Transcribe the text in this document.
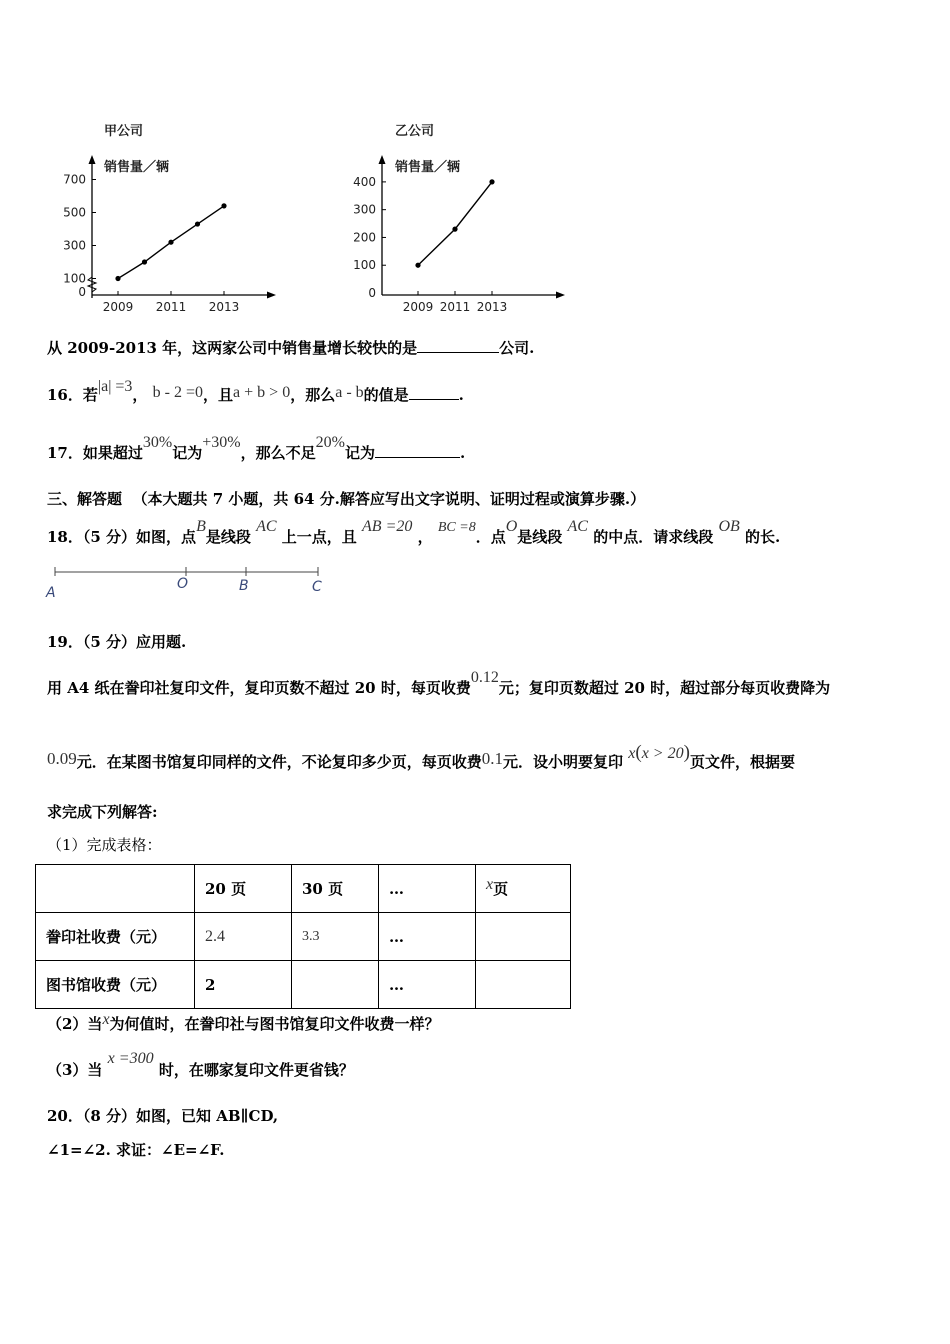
甲公司
销售量／辆
700
500
300
100
0
2009 2011 2013
乙公司
销售量／辆
400
300
200
100
0
2009 2011 2013
从 2009-2013 年，这两家公司中销售量增长较快的是	公司.
16．若|a| =3， b - 2 =0，且a + b > 0，那么a - b的值是	.
17．如果超过30%记为+30%，那么不足20%记为	.
三、解答题 （本大题共 7 小题，共 64 分.解答应写出文字说明、证明过程或演算步骤.）
18．（5 分）如图，点B是线段 AC 上一点，且 AB =20 ， BC =8．点O是线段 AC 的中点．请求线段 OB 的长.
A
O	B	C
19．（5 分）应用题.
用 A4 纸在誊印社复印文件，复印页数不超过 20 时，每页收费0.12元；复印页数超过 20 时，超过部分每页收费降为
0.09元．在某图书馆复印同样的文件，不论复印多少页，每页收费0.1元．设小明要复印 x(x > 20)页文件，根据要
求完成下列解答:
（1）完成表格：
	20 页	30 页	…	x页
誊印社收费（元）	2.4	3.3	…	
图书馆收费（元）	2		…	
（2）当x为何值时，在誊印社与图书馆复印文件收费一样？
（3）当 x =300 时，在哪家复印文件更省钱？
20．（8 分）如图，已知 AB∥CD,
∠1=∠2. 求证：∠E=∠F.
